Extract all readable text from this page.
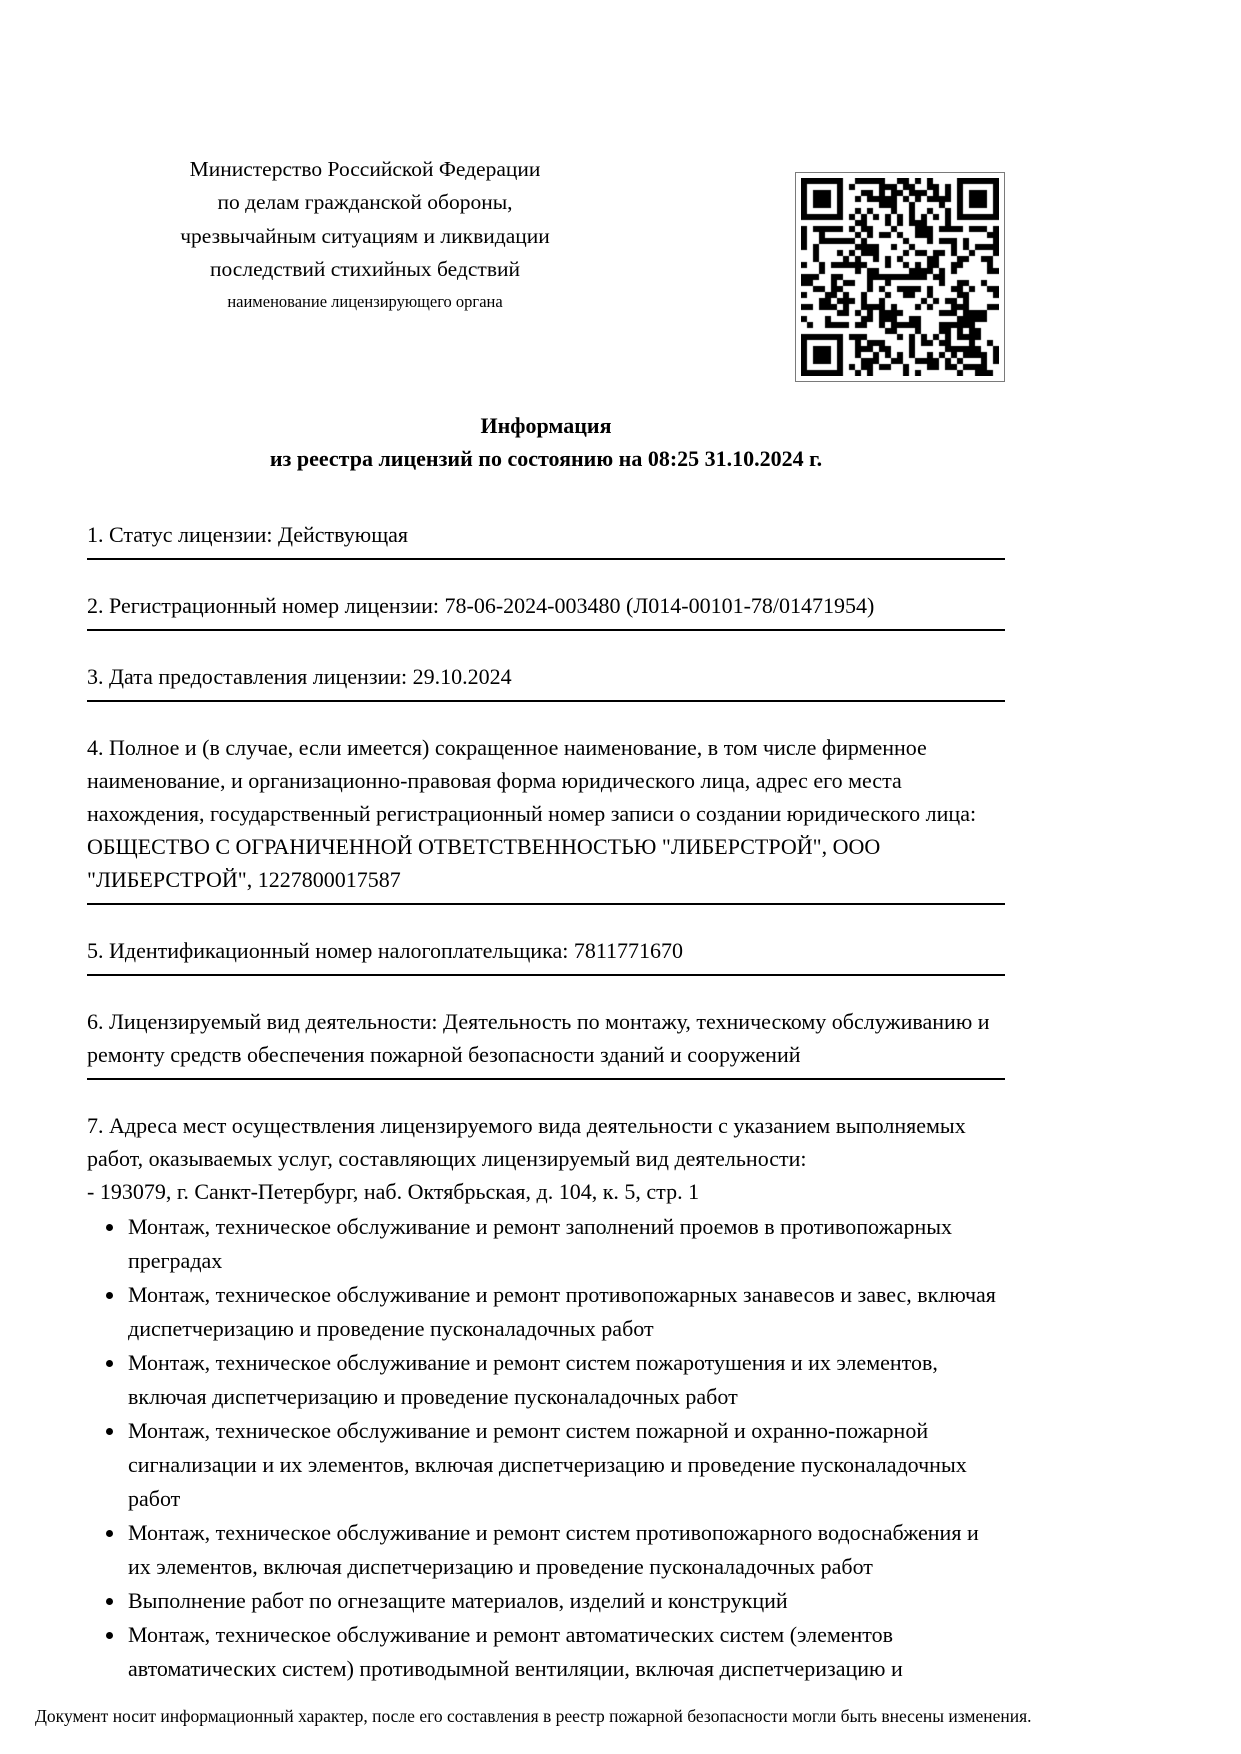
Министерство Российской Федерации
по делам гражданской обороны,
чрезвычайным ситуациям и ликвидации
последствий стихийных бедствий
наименование лицензирующего органа
Информация
из реестра лицензий по состоянию на 08:25 31.10.2024 г.
1. Статус лицензии: Действующая
2. Регистрационный номер лицензии: 78-06-2024-003480 (Л014-00101-78/01471954)
3. Дата предоставления лицензии: 29.10.2024
4. Полное и (в случае, если имеется) сокращенное наименование, в том числе фирменное наименование, и организационно-правовая форма юридического лица, адрес его места нахождения, государственный регистрационный номер записи о создании юридического лица: ОБЩЕСТВО С ОГРАНИЧЕННОЙ ОТВЕТСТВЕННОСТЬЮ "ЛИБЕРСТРОЙ", ООО "ЛИБЕРСТРОЙ", 1227800017587
5. Идентификационный номер налогоплательщика: 7811771670
6. Лицензируемый вид деятельности: Деятельность по монтажу, техническому обслуживанию и ремонту средств обеспечения пожарной безопасности зданий и сооружений

7. Адреса мест осуществления лицензируемого вида деятельности с указанием выполняемых работ, оказываемых услуг, составляющих лицензируемый вид деятельности:

- 193079, г. Санкт-Петербург, наб. Октябрьская, д. 104, к. 5, стр. 1

• Монтаж, техническое обслуживание и ремонт заполнений проемов в противопожарных преградах
• Монтаж, техническое обслуживание и ремонт противопожарных занавесов и завес, включая диспетчеризацию и проведение пусконаладочных работ
• Монтаж, техническое обслуживание и ремонт систем пожаротушения и их элементов, включая диспетчеризацию и проведение пусконаладочных работ
• Монтаж, техническое обслуживание и ремонт систем пожарной и охранно-пожарной сигнализации и их элементов, включая диспетчеризацию и проведение пусконаладочных работ
• Монтаж, техническое обслуживание и ремонт систем противопожарного водоснабжения и их элементов, включая диспетчеризацию и проведение пусконаладочных работ
• Выполнение работ по огнезащите материалов, изделий и конструкций
• Монтаж, техническое обслуживание и ремонт автоматических систем (элементов автоматических систем) противодымной вентиляции, включая диспетчеризацию и
Документ носит информационный характер, после его составления в реестр пожарной безопасности могли быть внесены изменения.
